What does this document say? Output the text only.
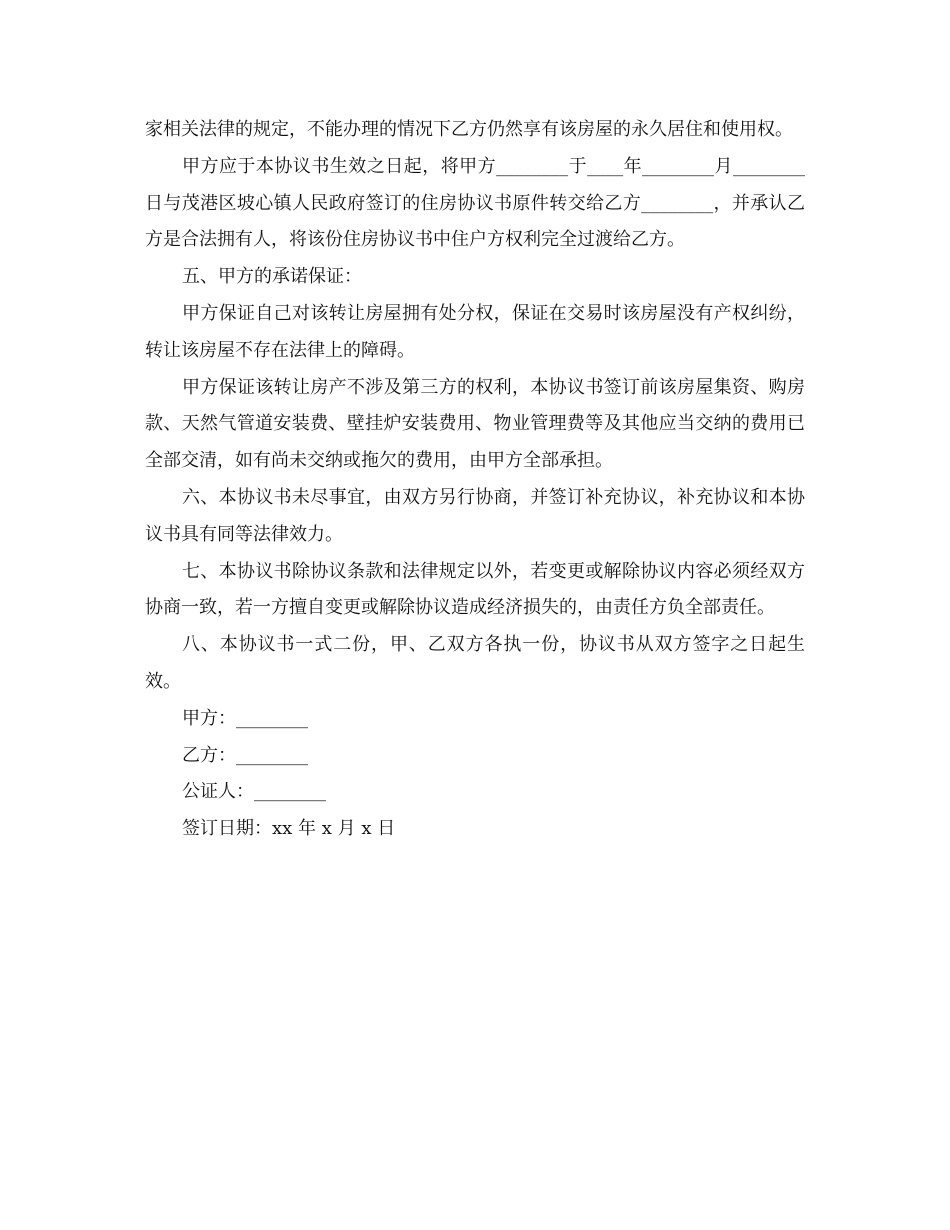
家相关法律的规定，不能办理的情况下乙方仍然享有该房屋的永久居住和使用权。

甲方应于本协议书生效之日起，将甲方________于____年________月________日与茂港区坡心镇人民政府签订的住房协议书原件转交给乙方________，并承认乙方是合法拥有人，将该份住房协议书中住户方权利完全过渡给乙方。

五、甲方的承诺保证：

甲方保证自己对该转让房屋拥有处分权，保证在交易时该房屋没有产权纠纷，转让该房屋不存在法律上的障碍。

甲方保证该转让房产不涉及第三方的权利，本协议书签订前该房屋集资、购房款、天然气管道安装费、壁挂炉安装费用、物业管理费等及其他应当交纳的费用已全部交清，如有尚未交纳或拖欠的费用，由甲方全部承担。

六、本协议书未尽事宜，由双方另行协商，并签订补充协议，补充协议和本协议书具有同等法律效力。

七、本协议书除协议条款和法律规定以外，若变更或解除协议内容必须经双方协商一致，若一方擅自变更或解除协议造成经济损失的，由责任方负全部责任。

八、本协议书一式二份，甲、乙双方各执一份，协议书从双方签字之日起生效。

甲方：________

乙方：________

公证人：________

签订日期：xx 年 x 月 x 日
